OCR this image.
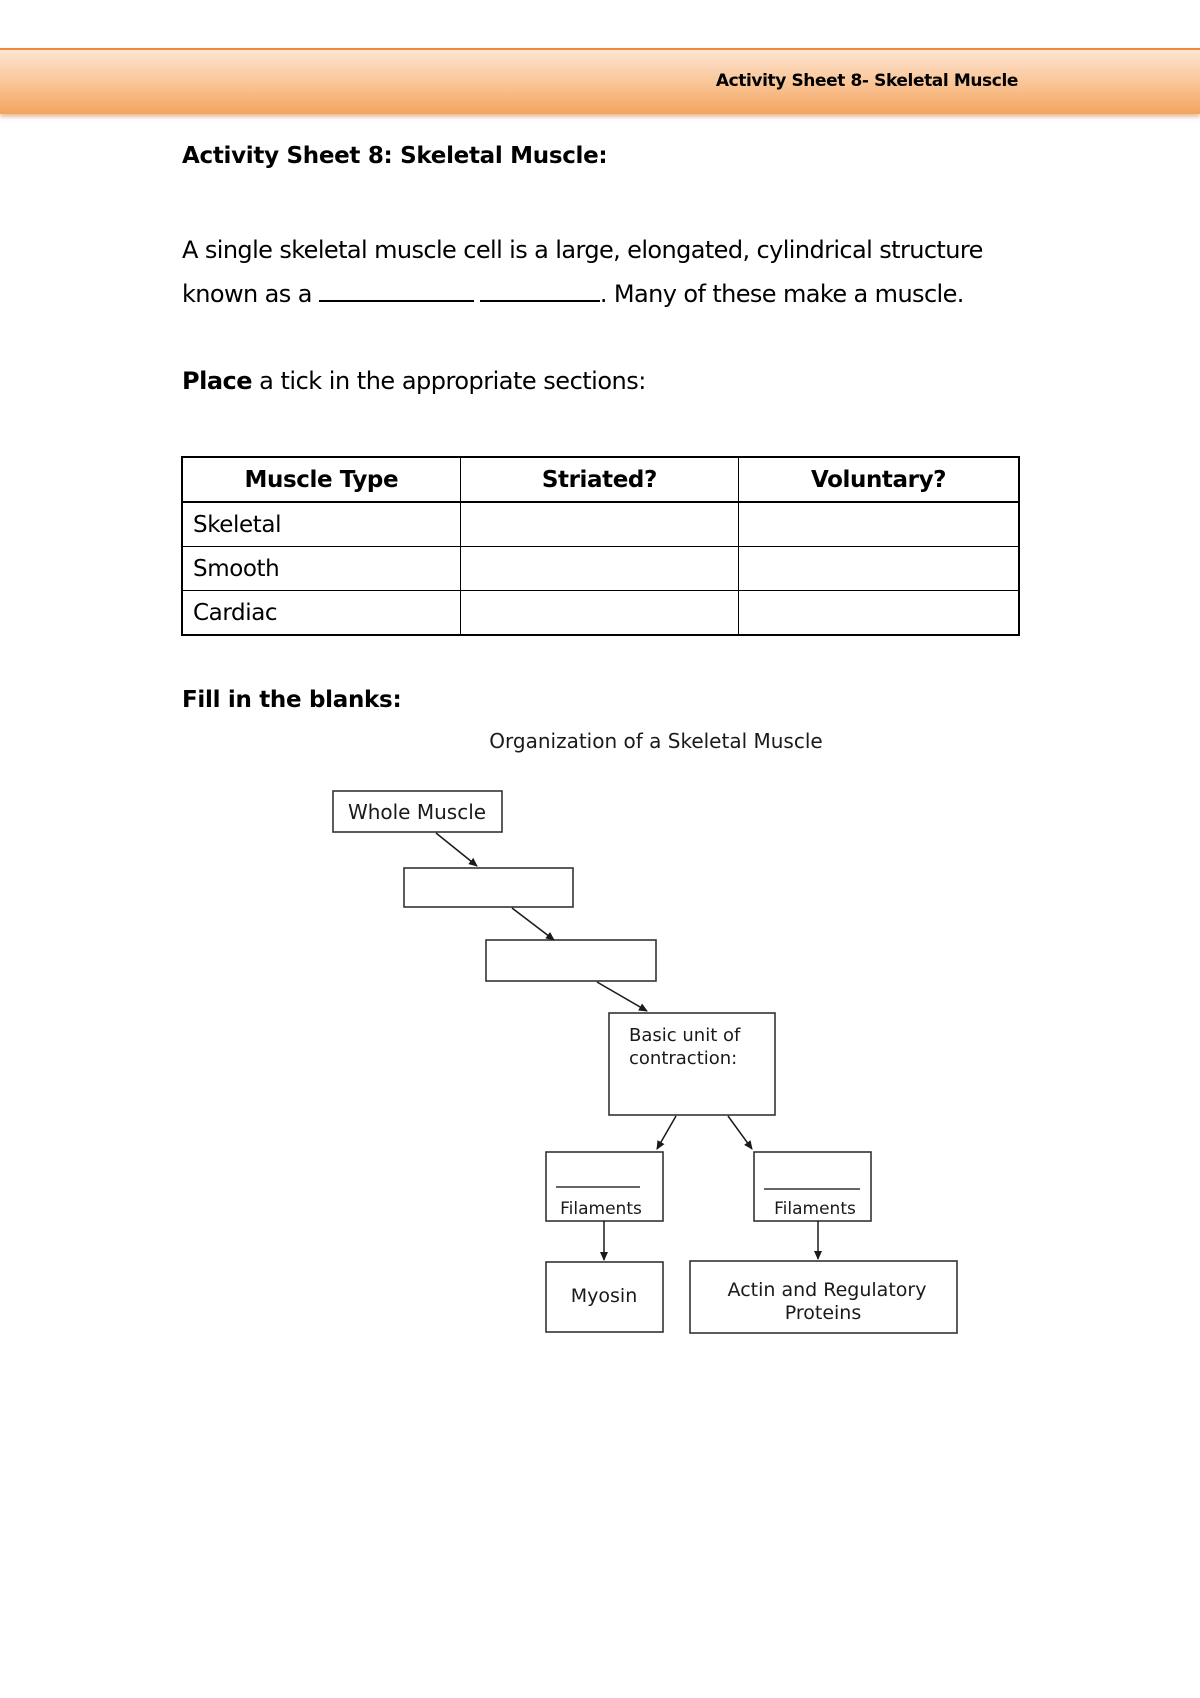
Activity Sheet 8- Skeletal Muscle
Activity Sheet 8: Skeletal Muscle:
A single skeletal muscle cell is a large, elongated, cylindrical structure
known as a	. Many of these make a muscle.
Place a tick in the appropriate sections:
Muscle Type	Striated?	Voluntary?
Skeletal		
Smooth		
Cardiac		
Fill in the blanks:
Organization of a Skeletal Muscle
Whole Muscle
Basic unit of
contraction:
Filaments	Filaments
Myosin	Actin and Regulatory
Proteins
